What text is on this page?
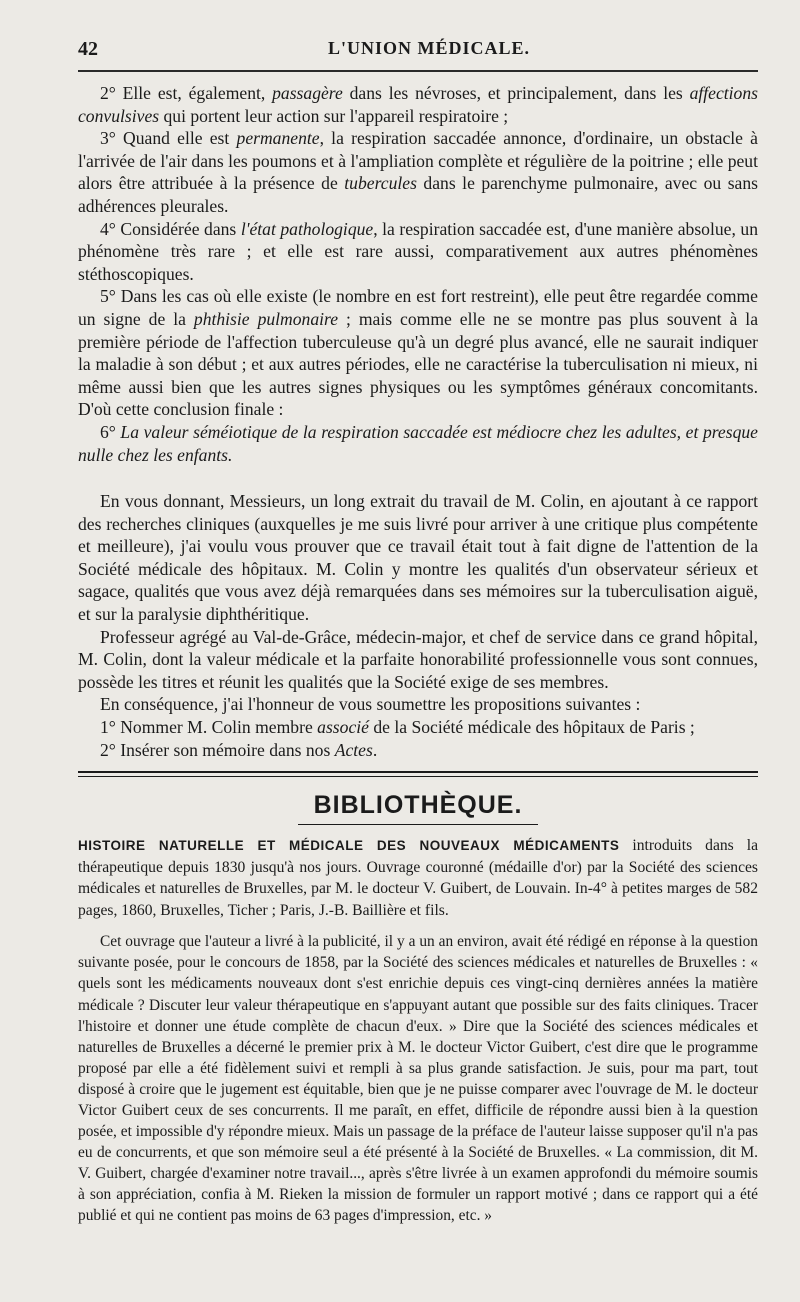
42	L'UNION MÉDICALE.

2° Elle est, également, passagère dans les névroses, et principalement, dans les affections convulsives qui portent leur action sur l'appareil respiratoire ;

3° Quand elle est permanente, la respiration saccadée annonce, d'ordinaire, un obstacle à l'arrivée de l'air dans les poumons et à l'ampliation complète et régulière de la poitrine ; elle peut alors être attribuée à la présence de tubercules dans le parenchyme pulmonaire, avec ou sans adhérences pleurales.

4° Considérée dans l'état pathologique, la respiration saccadée est, d'une manière absolue, un phénomène très rare ; et elle est rare aussi, comparativement aux autres phénomènes stéthoscopiques.

5° Dans les cas où elle existe (le nombre en est fort restreint), elle peut être regardée comme un signe de la phthisie pulmonaire ; mais comme elle ne se montre pas plus souvent à la première période de l'affection tuberculeuse qu'à un degré plus avancé, elle ne saurait indiquer la maladie à son début ; et aux autres périodes, elle ne caractérise la tuberculisation ni mieux, ni même aussi bien que les autres signes physiques ou les symptômes généraux concomitants. D'où cette conclusion finale :

6° La valeur séméiotique de la respiration saccadée est médiocre chez les adultes, et presque nulle chez les enfants.

En vous donnant, Messieurs, un long extrait du travail de M. Colin, en ajoutant à ce rapport des recherches cliniques (auxquelles je me suis livré pour arriver à une critique plus compétente et meilleure), j'ai voulu vous prouver que ce travail était tout à fait digne de l'attention de la Société médicale des hôpitaux. M. Colin y montre les qualités d'un observateur sérieux et sagace, qualités que vous avez déjà remarquées dans ses mémoires sur la tuberculisation aiguë, et sur la paralysie diphthéritique.

Professeur agrégé au Val-de-Grâce, médecin-major, et chef de service dans ce grand hôpital, M. Colin, dont la valeur médicale et la parfaite honorabilité professionnelle vous sont connues, possède les titres et réunit les qualités que la Société exige de ses membres.

En conséquence, j'ai l'honneur de vous soumettre les propositions suivantes :

1° Nommer M. Colin membre associé de la Société médicale des hôpitaux de Paris ;

2° Insérer son mémoire dans nos Actes.

BIBLIOTHÈQUE.

HISTOIRE NATURELLE ET MÉDICALE DES NOUVEAUX MÉDICAMENTS introduits dans la thérapeutique depuis 1830 jusqu'à nos jours. Ouvrage couronné (médaille d'or) par la Société des sciences médicales et naturelles de Bruxelles, par M. le docteur V. Guibert, de Louvain. In-4° à petites marges de 582 pages, 1860, Bruxelles, Ticher ; Paris, J.-B. Baillière et fils.

Cet ouvrage que l'auteur a livré à la publicité, il y a un an environ, avait été rédigé en réponse à la question suivante posée, pour le concours de 1858, par la Société des sciences médicales et naturelles de Bruxelles : « quels sont les médicaments nouveaux dont s'est enrichie depuis ces vingt-cinq dernières années la matière médicale ? Discuter leur valeur thérapeutique en s'appuyant autant que possible sur des faits cliniques. Tracer l'histoire et donner une étude complète de chacun d'eux. » Dire que la Société des sciences médicales et naturelles de Bruxelles a décerné le premier prix à M. le docteur Victor Guibert, c'est dire que le programme proposé par elle a été fidèlement suivi et rempli à sa plus grande satisfaction. Je suis, pour ma part, tout disposé à croire que le jugement est équitable, bien que je ne puisse comparer avec l'ouvrage de M. le docteur Victor Guibert ceux de ses concurrents. Il me paraît, en effet, difficile de répondre aussi bien à la question posée, et impossible d'y répondre mieux. Mais un passage de la préface de l'auteur laisse supposer qu'il n'a pas eu de concurrents, et que son mémoire seul a été présenté à la Société de Bruxelles. « La commission, dit M. V. Guibert, chargée d'examiner notre travail..., après s'être livrée à un examen approfondi du mémoire soumis à son appréciation, confia à M. Rieken la mission de formuler un rapport motivé ; dans ce rapport qui a été publié et qui ne contient pas moins de 63 pages d'impression, etc. »
